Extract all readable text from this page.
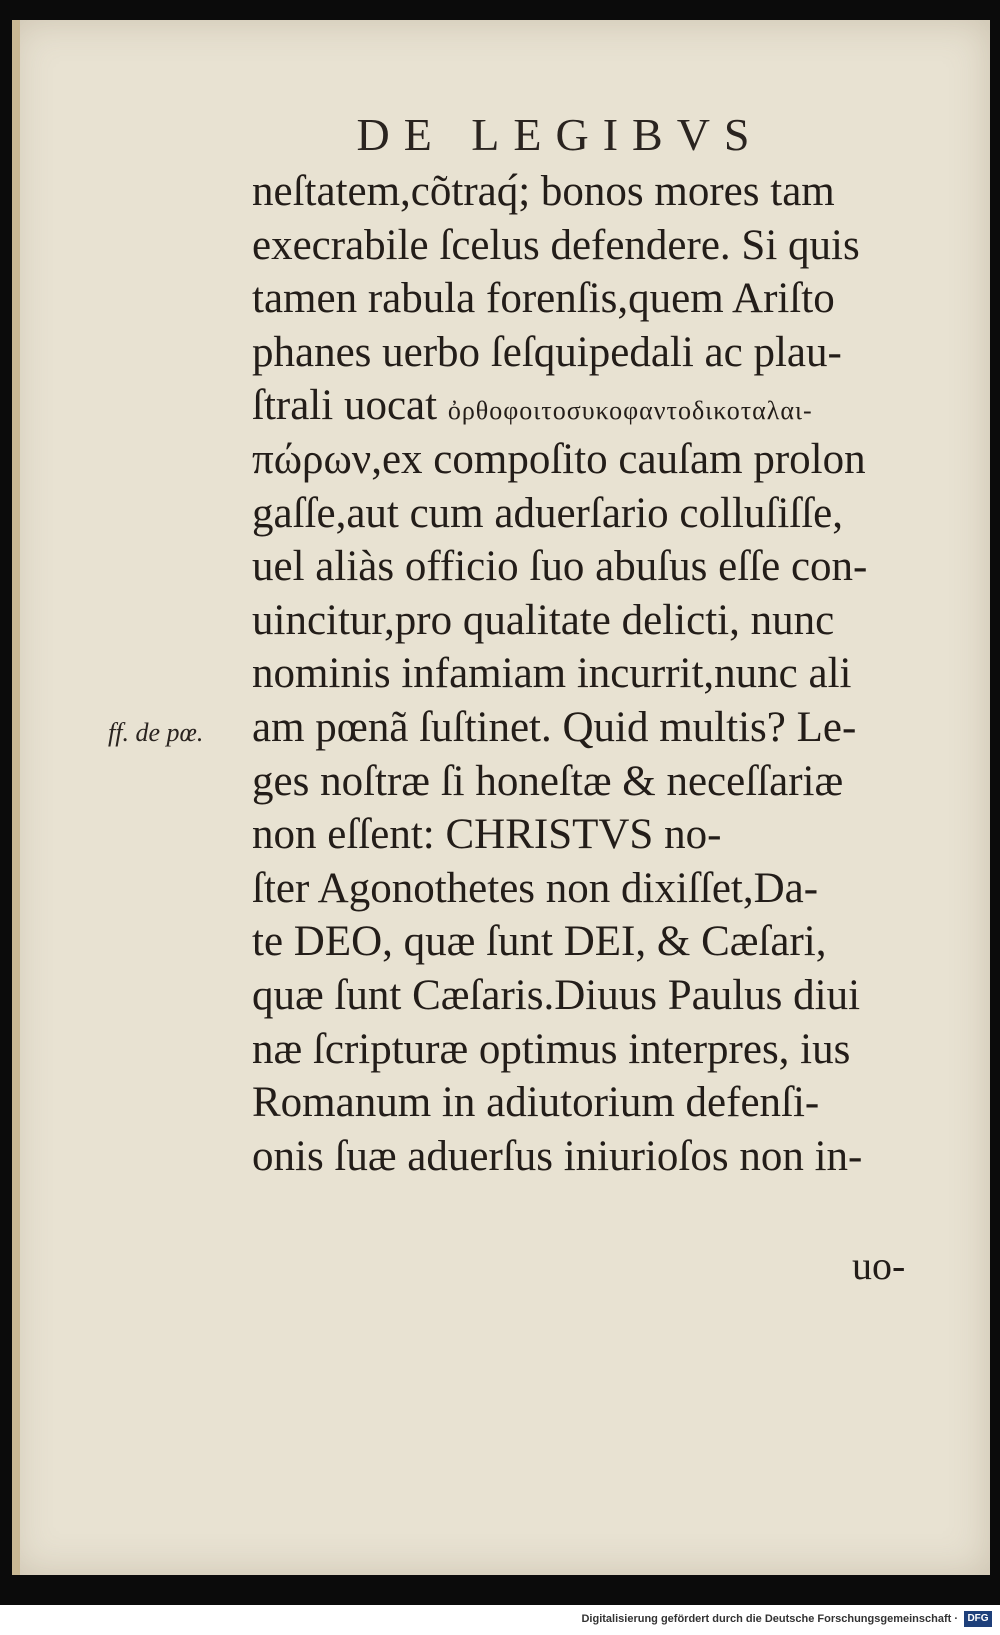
DE LEGIBVS
ff. de pœ.
neſtatem,cõtraq́; bonos mores tam
execrabile ſcelus defendere. Si quis
tamen rabula forenſis,quem Ariſto
phanes uerbo ſeſquipedali ac plau-
ſtrali uocat ὀρθοφοιτοσυκοφαντοδικοταλαι-
πώρων,ex compoſito cauſam prolon
gaſſe,aut cum aduerſario colluſiſſe,
uel aliàs officio ſuo abuſus eſſe con-
uincitur,pro qualitate delicti, nunc
nominis infamiam incurrit,nunc ali
am pœnã ſuſtinet. Quid multis? Le-
ges noſtræ ſi honeſtæ & neceſſariæ
non eſſent: CHRISTVS no-
ſter Agonothetes non dixiſſet,Da-
te DEO, quæ ſunt DEI, & Cæſari,
quæ ſunt Cæſaris.Diuus Paulus diui
næ ſcripturæ optimus interpres, ius
Romanum in adiutorium defenſi-
onis ſuæ aduerſus iniurioſos non in-
uo-
Digitalisierung gefördert durch die Deutsche Forschungsgemeinschaft · DFG
